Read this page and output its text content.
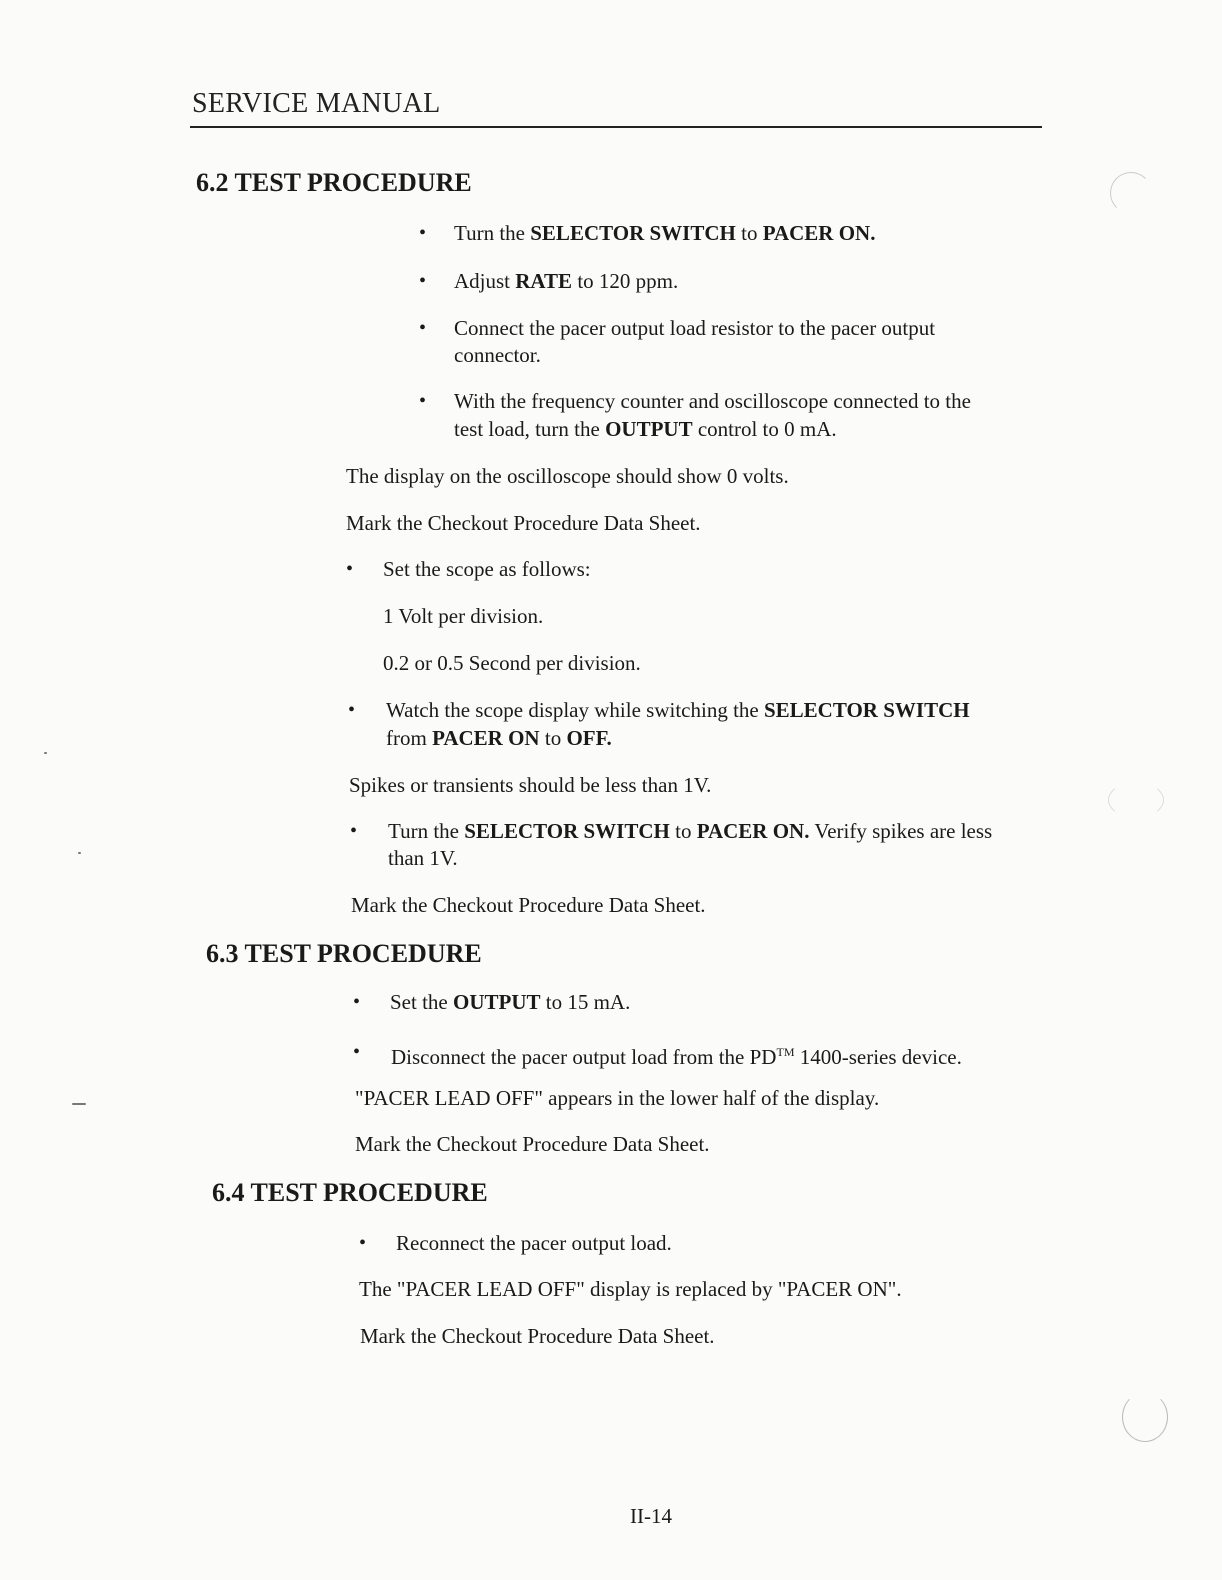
SERVICE MANUAL
6.2 TEST PROCEDURE
• Turn the SELECTOR SWITCH to PACER ON.
• Adjust RATE to 120 ppm.
• Connect the pacer output load resistor to the pacer output
connector.
• With the frequency counter and oscilloscope connected to the
test load, turn the OUTPUT control to 0 mA.
The display on the oscilloscope should show 0 volts.
Mark the Checkout Procedure Data Sheet.
• Set the scope as follows:
1 Volt per division.
0.2 or 0.5 Second per division.
• Watch the scope display while switching the SELECTOR SWITCH
from PACER ON to OFF.
Spikes or transients should be less than 1V.
• Turn the SELECTOR SWITCH to PACER ON. Verify spikes are less
than 1V.
Mark the Checkout Procedure Data Sheet.
6.3 TEST PROCEDURE
• Set the OUTPUT to 15 mA.
• Disconnect the pacer output load from the PD™ 1400-series device.
"PACER LEAD OFF" appears in the lower half of the display.
Mark the Checkout Procedure Data Sheet.
6.4 TEST PROCEDURE
• Reconnect the pacer output load.
The "PACER LEAD OFF" display is replaced by "PACER ON".
Mark the Checkout Procedure Data Sheet.
II-14
